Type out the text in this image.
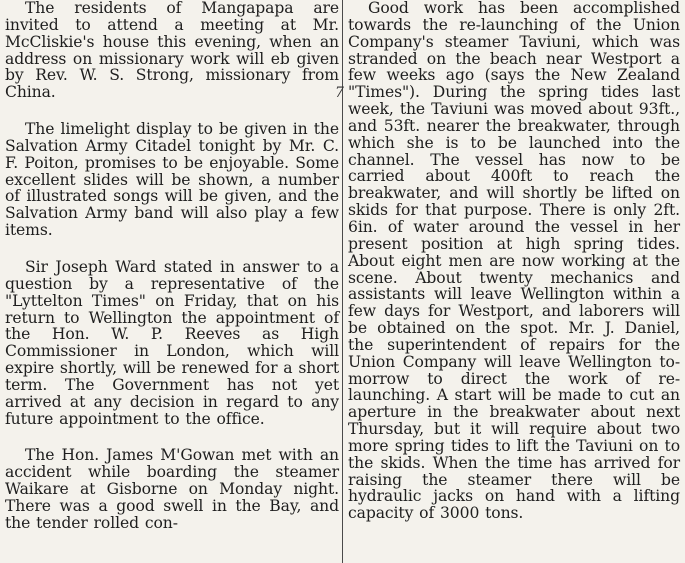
The residents of Mangapapa are invited to attend a meeting at Mr. McCliskie's house this evening, when an address on missionary work will eb given by Rev. W. S. Strong, missionary from China.

The limelight display to be given in the Salvation Army Citadel tonight by Mr. C. F. Poiton, promises to be enjoyable. Some excellent slides will be shown, a number of illustrated songs will be given, and the Salvation Army band will also play a few items.

Sir Joseph Ward stated in answer to a question by a representative of the "Lyttelton Times" on Friday, that on his return to Wellington the appointment of the Hon. W. P. Reeves as High Commissioner in London, which will expire shortly, will be renewed for a short term. The Government has not yet arrived at any decision in regard to any future appointment to the office.

The Hon. James M'Gowan met with an accident while boarding the steamer Waikare at Gisborne on Monday night. There was a good swell in the Bay, and the tender rolled con-

7

Good work has been accomplished towards the re-launching of the Union Company's steamer Taviuni, which was stranded on the beach near Westport a few weeks ago (says the New Zealand "Times"). During the spring tides last week, the Taviuni was moved about 93ft., and 53ft. nearer the breakwater, through which she is to be launched into the channel. The vessel has now to be carried about 400ft to reach the breakwater, and will shortly be lifted on skids for that purpose. There is only 2ft. 6in. of water around the vessel in her present position at high spring tides. About eight men are now working at the scene. About twenty mechanics and assistants will leave Wellington within a few days for Westport, and laborers will be obtained on the spot. Mr. J. Daniel, the superintendent of repairs for the Union Company will leave Wellington to-morrow to direct the work of re-launching. A start will be made to cut an aperture in the breakwater about next Thursday, but it will require about two more spring tides to lift the Taviuni on to the skids. When the time has arrived for raising the steamer there will be hydraulic jacks on hand with a lifting capacity of 3000 tons.
